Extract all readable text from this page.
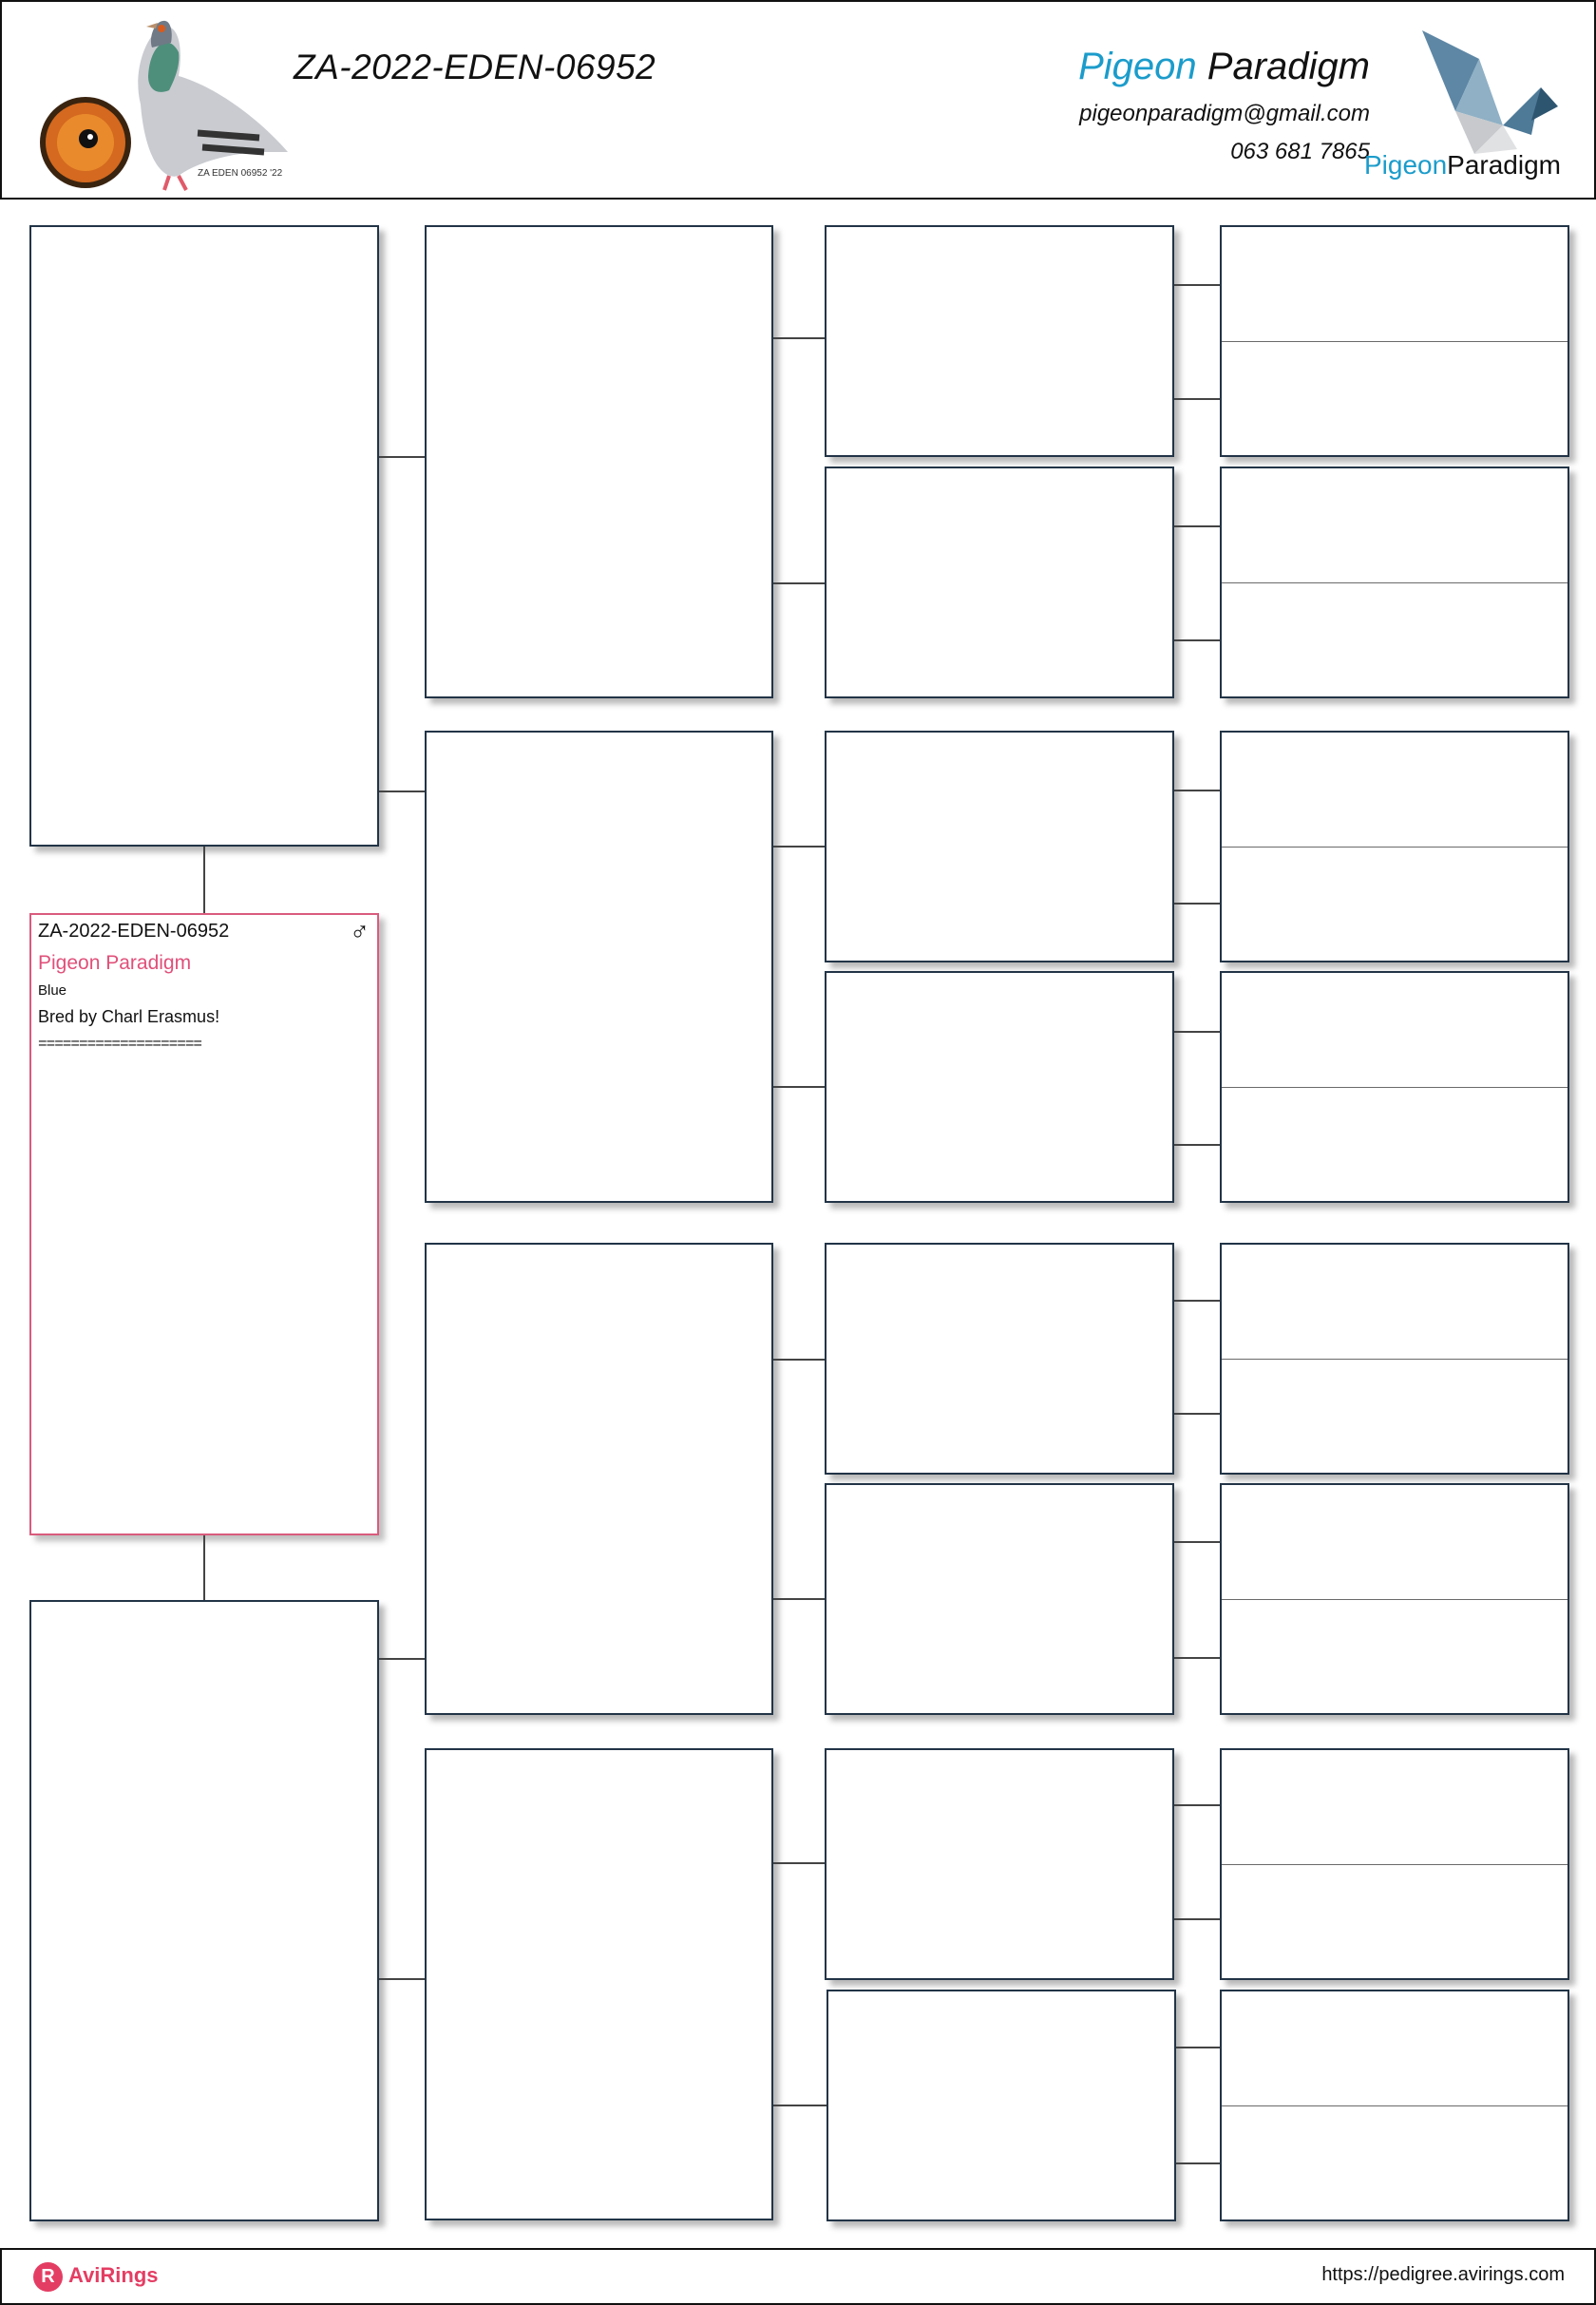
ZA EDEN 06952 '22
ZA-2022-EDEN-06952	Pigeon Paradigm
pigeonparadigm@gmail.com
063 681 7865
PigeonParadigm
ZA-2022-EDEN-06952	♂
Pigeon Paradigm
Blue
Bred by Charl Erasmus!
====================
R AviRings	https://pedigree.avirings.com
